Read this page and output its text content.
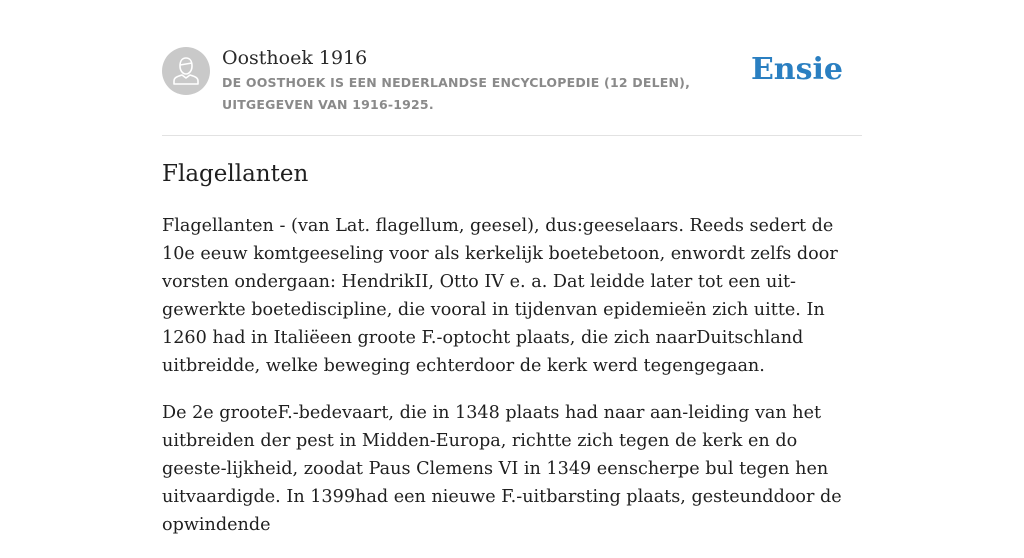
Oosthoek 1916
DE OOSTHOEK IS EEN NEDERLANDSE ENCYCLOPEDIE (12 DELEN), UITGEGEVEN VAN 1916-1925.
Ensie
Flagellanten

Flagellanten - (van Lat. flagellum, geesel), dus:geeselaars. Reeds sedert de 10e eeuw komtgeeseling voor als kerkelijk boetebetoon, enwordt zelfs door vorsten ondergaan: HendrikII, Otto IV e. a. Dat leidde later tot een uit-gewerkte boetediscipline, die vooral in tijdenvan epidemieën zich uitte. In 1260 had in Italiëeen groote F.-optocht plaats, die zich naarDuitschland uitbreidde, welke beweging echterdoor de kerk werd tegengegaan.

De 2e grooteF.-bedevaart, die in 1348 plaats had naar aan-leiding van het uitbreiden der pest in Midden-Europa, richtte zich tegen de kerk en do geeste-lijkheid, zoodat Paus Clemens VI in 1349 eenscherpe bul tegen hen uitvaardigde. In 1399had een nieuwe F.-uitbarsting plaats, gesteunddoor de opwindende
